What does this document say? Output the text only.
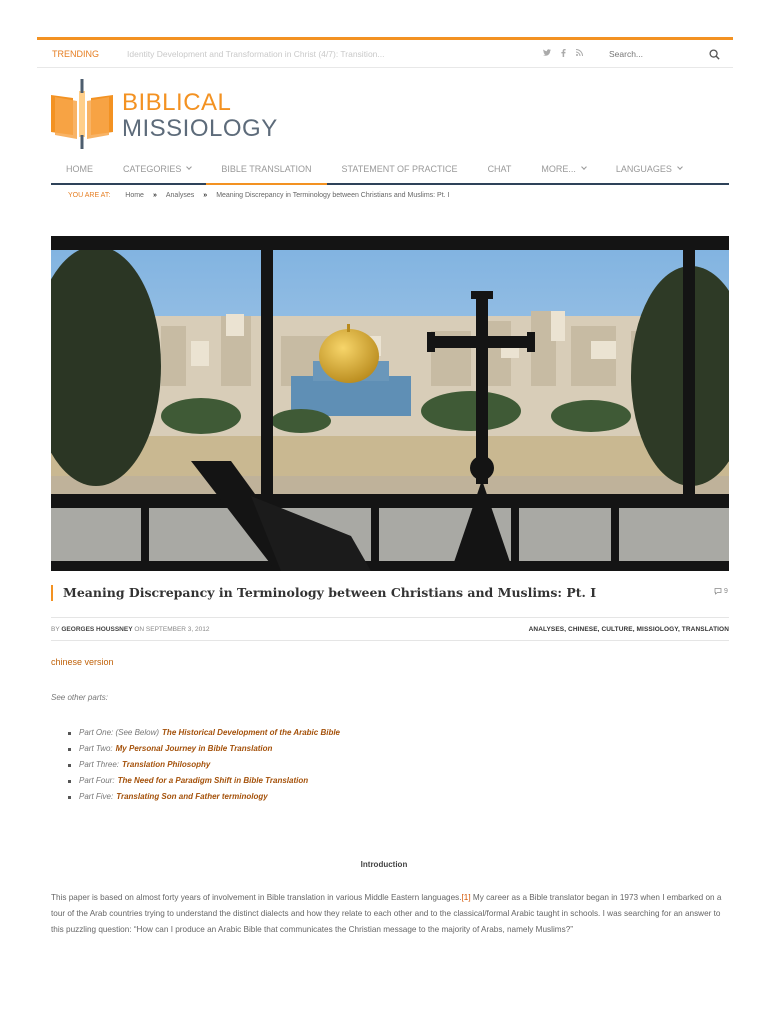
TRENDING	Identity Development and Transformation in Christ (4/7): Transition...
Search...
BIBLICAL
MISSIOLOGY
HOME	CATEGORIES	BIBLE TRANSLATION	STATEMENT OF PRACTICE	CHAT	MORE...	LANGUAGES
YOU ARE AT: Home » Analyses » Meaning Discrepancy in Terminology between Christians and Muslims: Pt. I
Meaning Discrepancy in Terminology between Christians and Muslims: Pt. I	9
BY GEORGES HOUSSNEY ON SEPTEMBER 3, 2012	ANALYSES, CHINESE, CULTURE, MISSIOLOGY, TRANSLATION
chinese version

See other parts:

Part One: (See Below) The Historical Development of the Arabic Bible
Part Two: My Personal Journey in Bible Translation
Part Three: Translation Philosophy
Part Four: The Need for a Paradigm Shift in Bible Translation
Part Five: Translating Son and Father terminology
Introduction

This paper is based on almost forty years of involvement in Bible translation in various Middle Eastern languages.[1] My career as a Bible translator began in 1973 when I embarked on a tour of the Arab countries trying to understand the distinct dialects and how they relate to each other and to the classical/formal Arabic taught in schools. I was searching for an answer to this puzzling question: “How can I produce an Arabic Bible that communicates the Christian message to the majority of Arabs, namely Muslims?”
